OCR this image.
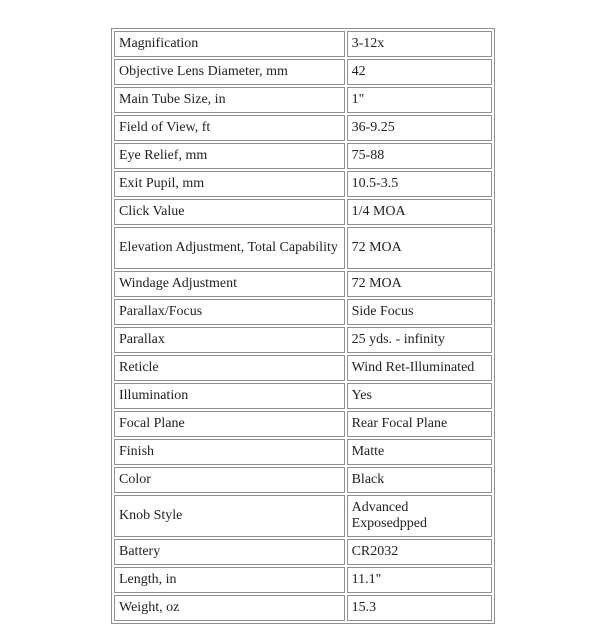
Magnification	3-12x
Objective Lens Diameter, mm	42
Main Tube Size, in	1"
Field of View, ft	36-9.25
Eye Relief, mm	75-88
Exit Pupil, mm	10.5-3.5
Click Value	1/4 MOA
Elevation Adjustment, Total Capability	72 MOA
Windage Adjustment	72 MOA
Parallax/Focus	Side Focus
Parallax	25 yds. - infinity
Reticle	Wind Ret-Illuminated
Illumination	Yes
Focal Plane	Rear Focal Plane
Finish	Matte
Color	Black
Knob Style	Advanced Exposedpped
Battery	CR2032
Length, in	11.1"
Weight, oz	15.3
